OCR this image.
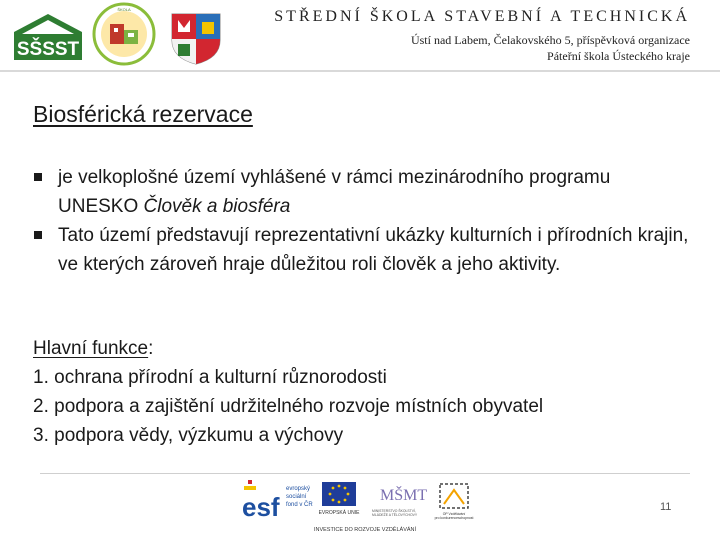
SŠSST
ŠKOLA	STŘEDNÍ ŠKOLA STAVEBNÍ A TECHNICKÁ
Ústí nad Labem, Čelakovského 5, příspěvková organizace
Páteřní škola Ústeckého kraje
Biosférická rezervace
je velkoplošné území vyhlášené v rámci mezinárodního programu UNESKO Člověk a biosféra
Tato území představují reprezentativní ukázky kulturních i přírodních krajin, ve kterých zároveň hraje důležitou roli člověk a jeho aktivity.
Hlavní funkce:
1. ochrana přírodní a kulturní různorodosti
2. podpora a zajištění udržitelného rozvoje místních obyvatel
3. podpora vědy, výzkumu a výchovy
esf
evropský
sociální
fond v ČR
EVROPSKÁ UNIE
MŠMT
MINISTERSTVO ŠKOLSTVÍ,
MLÁDEŽE A TĚLOVÝCHOVY	OP Vzdělávání
pro konkurenceschopnost
INVESTICE DO ROZVOJE VZDĚLÁVÁNÍ
11
